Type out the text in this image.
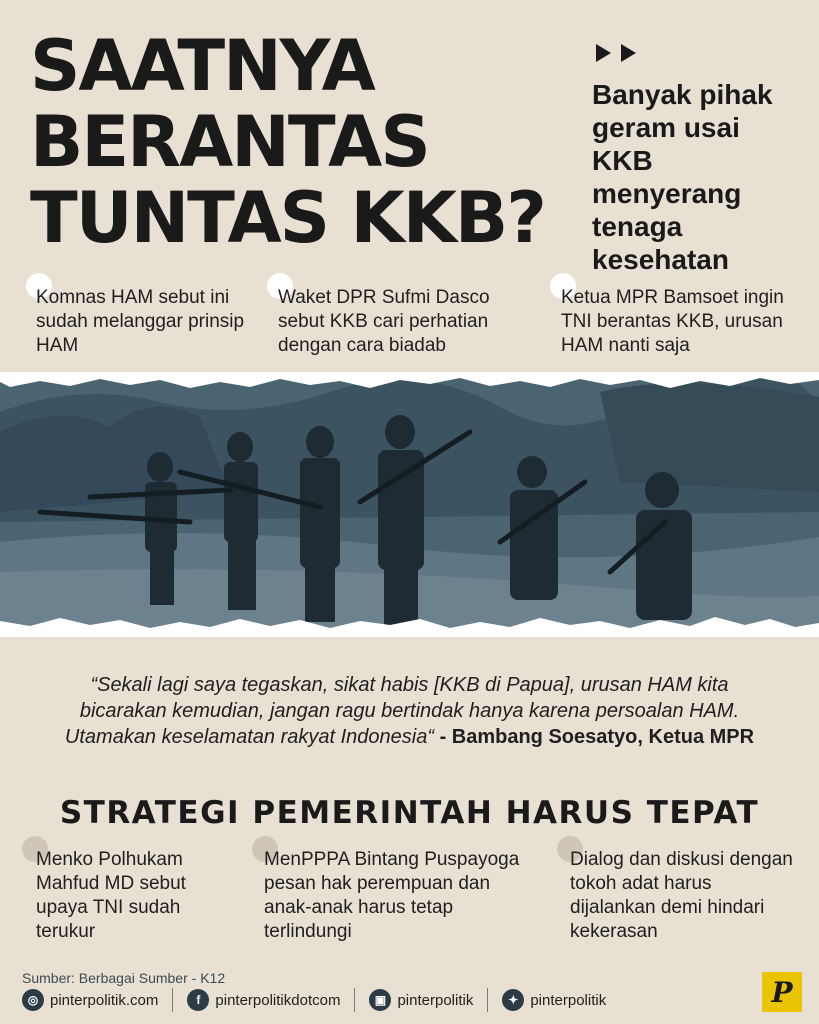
SAATNYA
BERANTAS
TUNTAS KKB?
Banyak pihak geram usai KKB menyerang tenaga kesehatan
Komnas HAM sebut ini sudah melanggar prinsip HAM
Waket DPR Sufmi Dasco sebut KKB cari perhatian dengan cara biadab
Ketua MPR Bamsoet ingin TNI berantas KKB, urusan HAM nanti saja
“Sekali lagi saya tegaskan, sikat habis [KKB di Papua], urusan HAM kita
bicarakan kemudian, jangan ragu bertindak hanya karena persoalan HAM.
Utamakan keselamatan rakyat Indonesia“ - Bambang Soesatyo, Ketua MPR
STRATEGI PEMERINTAH HARUS TEPAT
Menko Polhukam Mahfud MD sebut upaya TNI sudah terukur
MenPPPA Bintang Puspayoga pesan hak perempuan dan anak-anak harus tetap terlindungi
Dialog dan diskusi dengan tokoh adat harus dijalankan demi hindari kekerasan
Sumber: Berbagai Sumber - K12
◎ pinterpolitik.com	f	pinterpolitikdotcom	▣ pinterpolitik	✦ pinterpolitik	P
